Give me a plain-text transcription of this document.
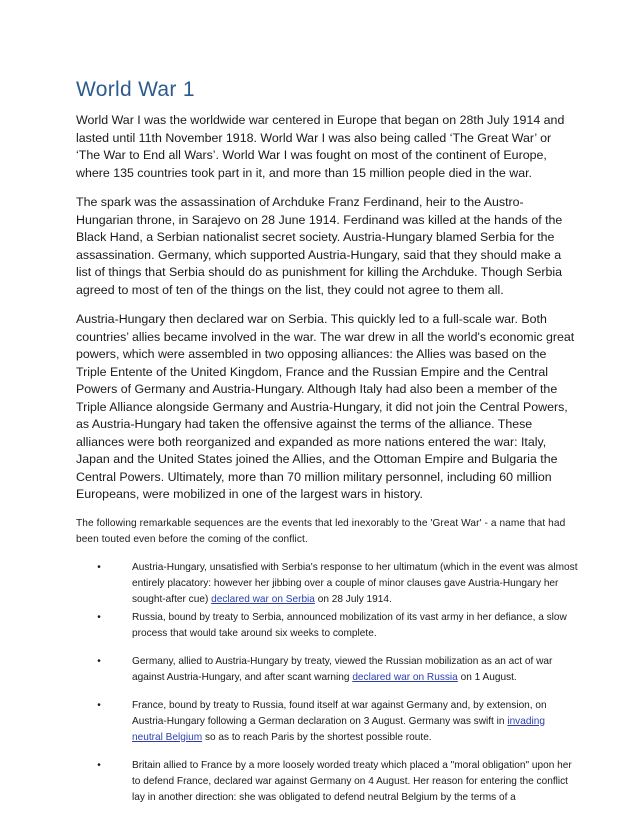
World War 1

World War I was the worldwide war centered in Europe that began on 28th July 1914 and lasted until 11th November 1918. World War I was also being called ‘The Great War’ or ‘The War to End all Wars’. World War I was fought on most of the continent of Europe, where 135 countries took part in it, and more than 15 million people died in the war.

The spark was the assassination of Archduke Franz Ferdinand, heir to the Austro-Hungarian throne, in Sarajevo on 28 June 1914. Ferdinand was killed at the hands of the Black Hand, a Serbian nationalist secret society. Austria-Hungary blamed Serbia for the assassination. Germany, which supported Austria-Hungary, said that they should make a list of things that Serbia should do as punishment for killing the Archduke. Though Serbia agreed to most of ten of the things on the list, they could not agree to them all.

Austria-Hungary then declared war on Serbia. This quickly led to a full-scale war. Both countries’ allies became involved in the war. The war drew in all the world's economic great powers, which were assembled in two opposing alliances: the Allies was based on the Triple Entente of the United Kingdom, France and the Russian Empire and the Central Powers of Germany and Austria-Hungary. Although Italy had also been a member of the Triple Alliance alongside Germany and Austria-Hungary, it did not join the Central Powers, as Austria-Hungary had taken the offensive against the terms of the alliance. These alliances were both reorganized and expanded as more nations entered the war: Italy, Japan and the United States joined the Allies, and the Ottoman Empire and Bulgaria the Central Powers. Ultimately, more than 70 million military personnel, including 60 million Europeans, were mobilized in one of the largest wars in history.

The following remarkable sequences are the events that led inexorably to the 'Great War' - a name that had been touted even before the coming of the conflict.

•	Austria-Hungary, unsatisfied with Serbia's response to her ultimatum (which in the event was almost entirely placatory: however her jibbing over a couple of minor clauses gave Austria-Hungary her sought-after cue) declared war on Serbia on 28 July 1914.
•	Russia, bound by treaty to Serbia, announced mobilization of its vast army in her defiance, a slow process that would take around six weeks to complete.
•	Germany, allied to Austria-Hungary by treaty, viewed the Russian mobilization as an act of war against Austria-Hungary, and after scant warning declared war on Russia on 1 August.
•	France, bound by treaty to Russia, found itself at war against Germany and, by extension, on Austria-Hungary following a German declaration on 3 August. Germany was swift in invading neutral Belgium so as to reach Paris by the shortest possible route.
•	Britain allied to France by a more loosely worded treaty which placed a "moral obligation" upon her to defend France, declared war against Germany on 4 August. Her reason for entering the conflict lay in another direction: she was obligated to defend neutral Belgium by the terms of a
